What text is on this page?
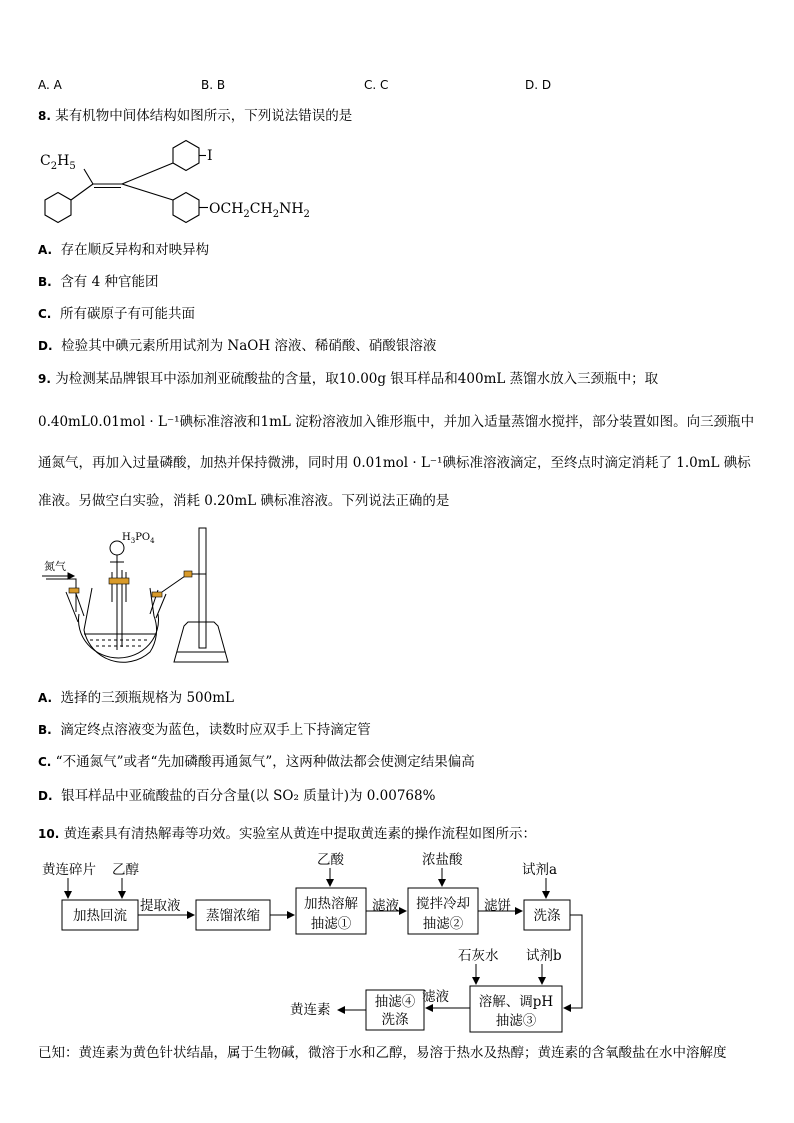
A. A	B. B	C. C	D. D
8. 某有机物中间体结构如图所示，下列说法错误的是
$C_2H_5$
I
$OCH_2CH_2NH_2$
A. 存在顺反异构和对映异构
B. 含有 4 种官能团
C. 所有碳原子有可能共面
D. 检验其中碘元素所用试剂为 NaOH 溶液、稀硝酸、硝酸银溶液
9. 为检测某品牌银耳中添加剂亚硫酸盐的含量，取10.00g 银耳样品和400mL 蒸馏水放入三颈瓶中；取
0.40mL0.01mol · L⁻¹碘标准溶液和1mL 淀粉溶液加入锥形瓶中，并加入适量蒸馏水搅拌，部分装置如图。向三颈瓶中
通氮气，再加入过量磷酸，加热并保持微沸，同时用 0.01mol · L⁻¹碘标准溶液滴定，至终点时滴定消耗了 1.0mL 碘标
准液。另做空白实验，消耗 0.20mL 碘标准溶液。下列说法正确的是
$H_3PO_4$
氮气
A. 选择的三颈瓶规格为 500mL
B. 滴定终点溶液变为蓝色，读数时应双手上下持滴定管
C. “不通氮气”或者“先加磷酸再通氮气”，这两种做法都会使测定结果偏高
D. 银耳样品中亚硫酸盐的百分含量(以 SO₂ 质量计)为 0.00768%
10. 黄连素具有清热解毒等功效。实验室从黄连中提取黄连素的操作流程如图所示：
黄连碎片 乙醇
提取液
乙酸
滤液
浓盐酸
滤饼
试剂a
石灰水 试剂b
滤液
黄连素
加热回流	蒸馏浓缩
加热溶解
抽滤①
搅拌冷却
抽滤②	洗涤
溶解、调pH
抽滤③
抽滤④
洗涤
已知：黄连素为黄色针状结晶，属于生物碱，微溶于水和乙醇，易溶于热水及热醇；黄连素的含氧酸盐在水中溶解度
